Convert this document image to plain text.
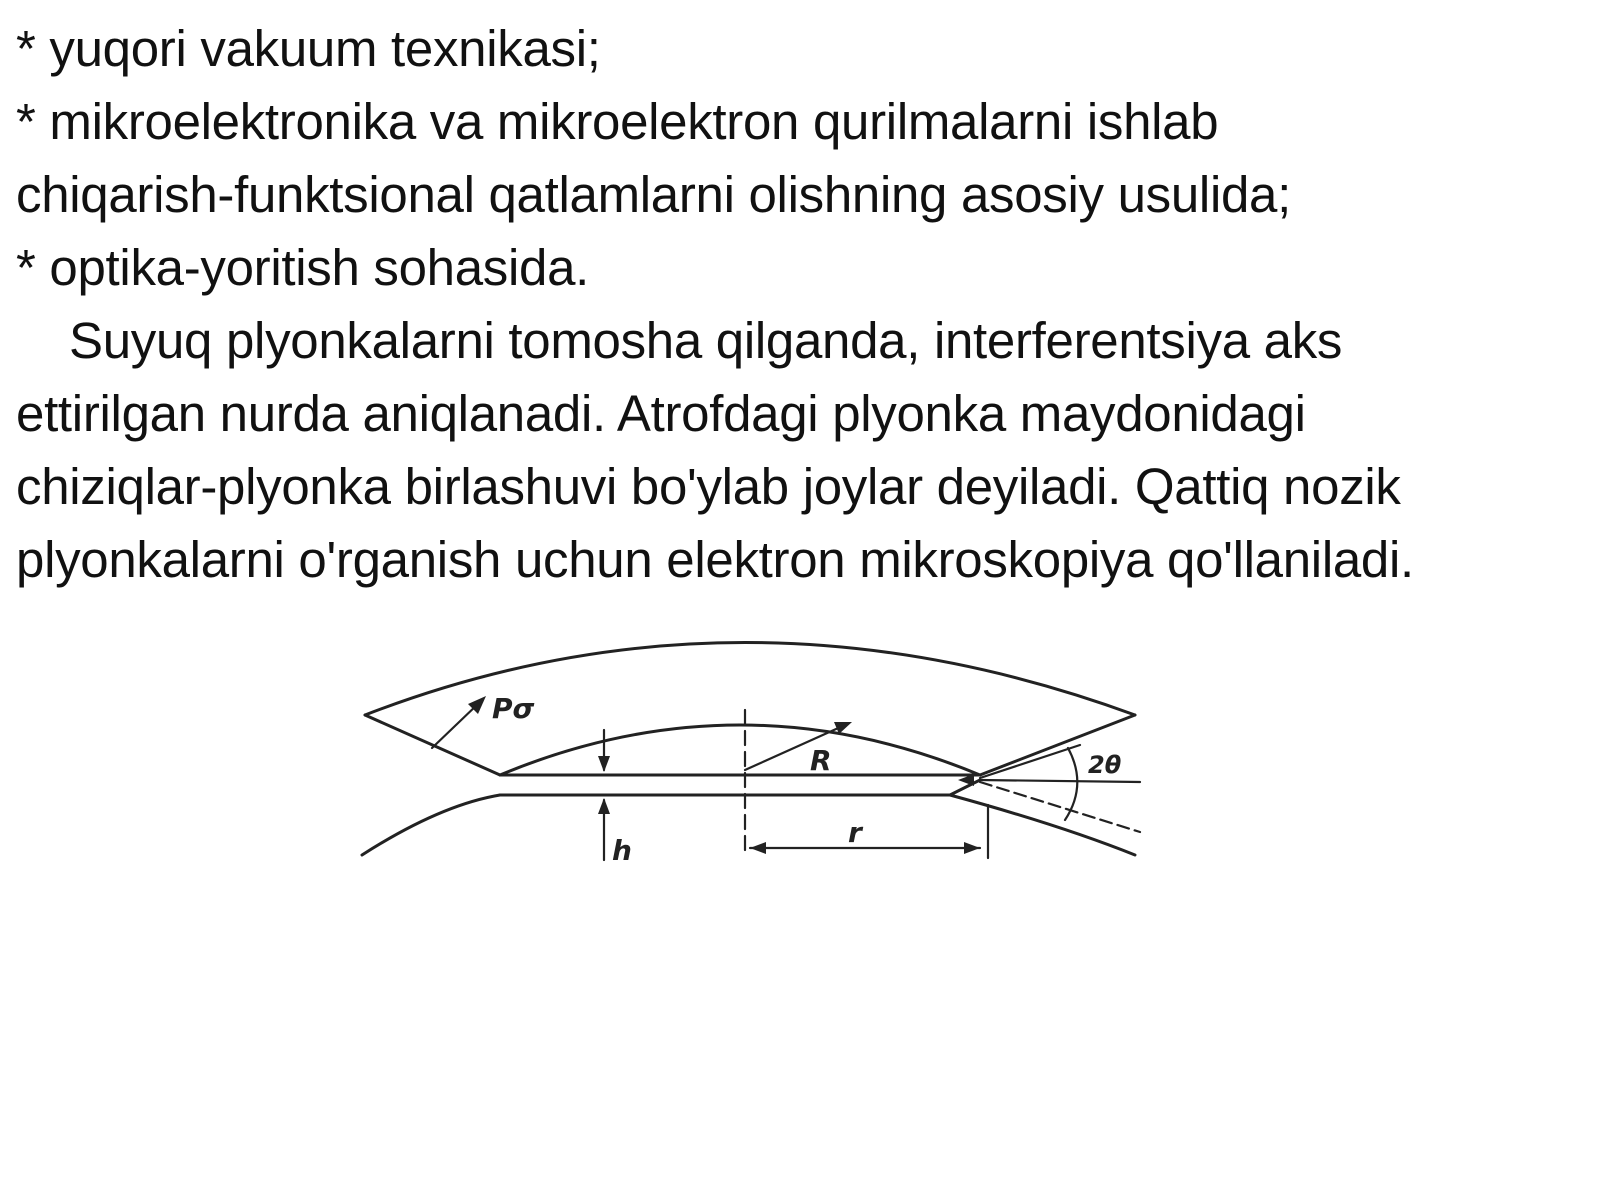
* yuqori vakuum texnikasi;
* mikroelektronika va mikroelektron qurilmalarni ishlab
chiqarish-funktsional qatlamlarni olishning asosiy usulida;
* optika-yoritish sohasida.
Suyuq plyonkalarni tomosha qilganda, interferentsiya aks
ettirilgan nurda aniqlanadi. Atrofdagi plyonka maydonidagi
chiziqlar-plyonka birlashuvi bo'ylab joylar deyiladi. Qattiq nozik
plyonkalarni o'rganish uchun elektron mikroskopiya qo'llaniladi.
Pσ
R	2θ
h
r
